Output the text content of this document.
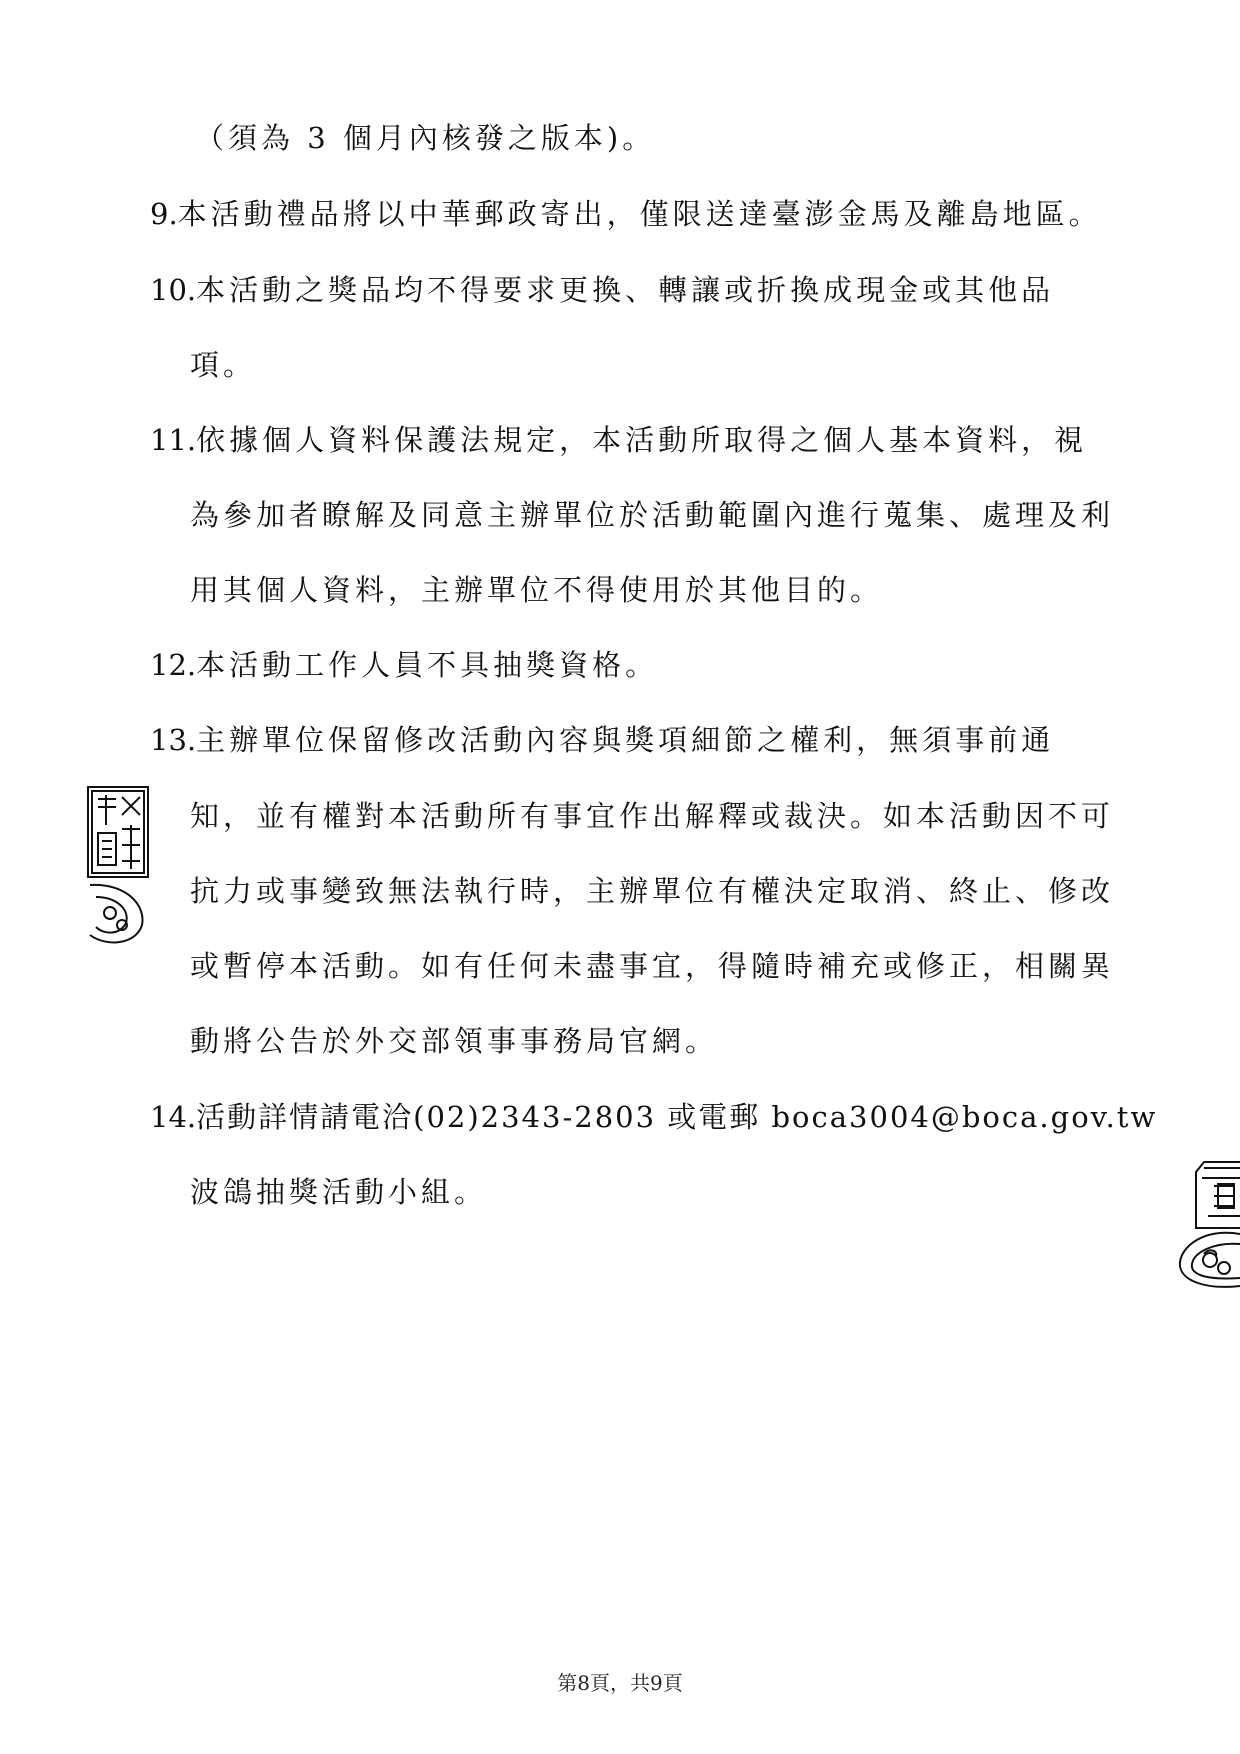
（須為 3 個月內核發之版本)。
9.本活動禮品將以中華郵政寄出，僅限送達臺澎金馬及離島地區。
10.本活動之獎品均不得要求更換、轉讓或折換成現金或其他品
項。
11.依據個人資料保護法規定，本活動所取得之個人基本資料，視
為參加者瞭解及同意主辦單位於活動範圍內進行蒐集、處理及利
用其個人資料，主辦單位不得使用於其他目的。
12.本活動工作人員不具抽獎資格。
13.主辦單位保留修改活動內容與獎項細節之權利，無須事前通
知，並有權對本活動所有事宜作出解釋或裁決。如本活動因不可
抗力或事變致無法執行時，主辦單位有權決定取消、終止、修改
或暫停本活動。如有任何未盡事宜，得隨時補充或修正，相關異
動將公告於外交部領事事務局官網。
14.活動詳情請電洽(02)2343-2803 或電郵 boca3004@boca.gov.tw
波鴿抽獎活動小組。
第8頁，共9頁
